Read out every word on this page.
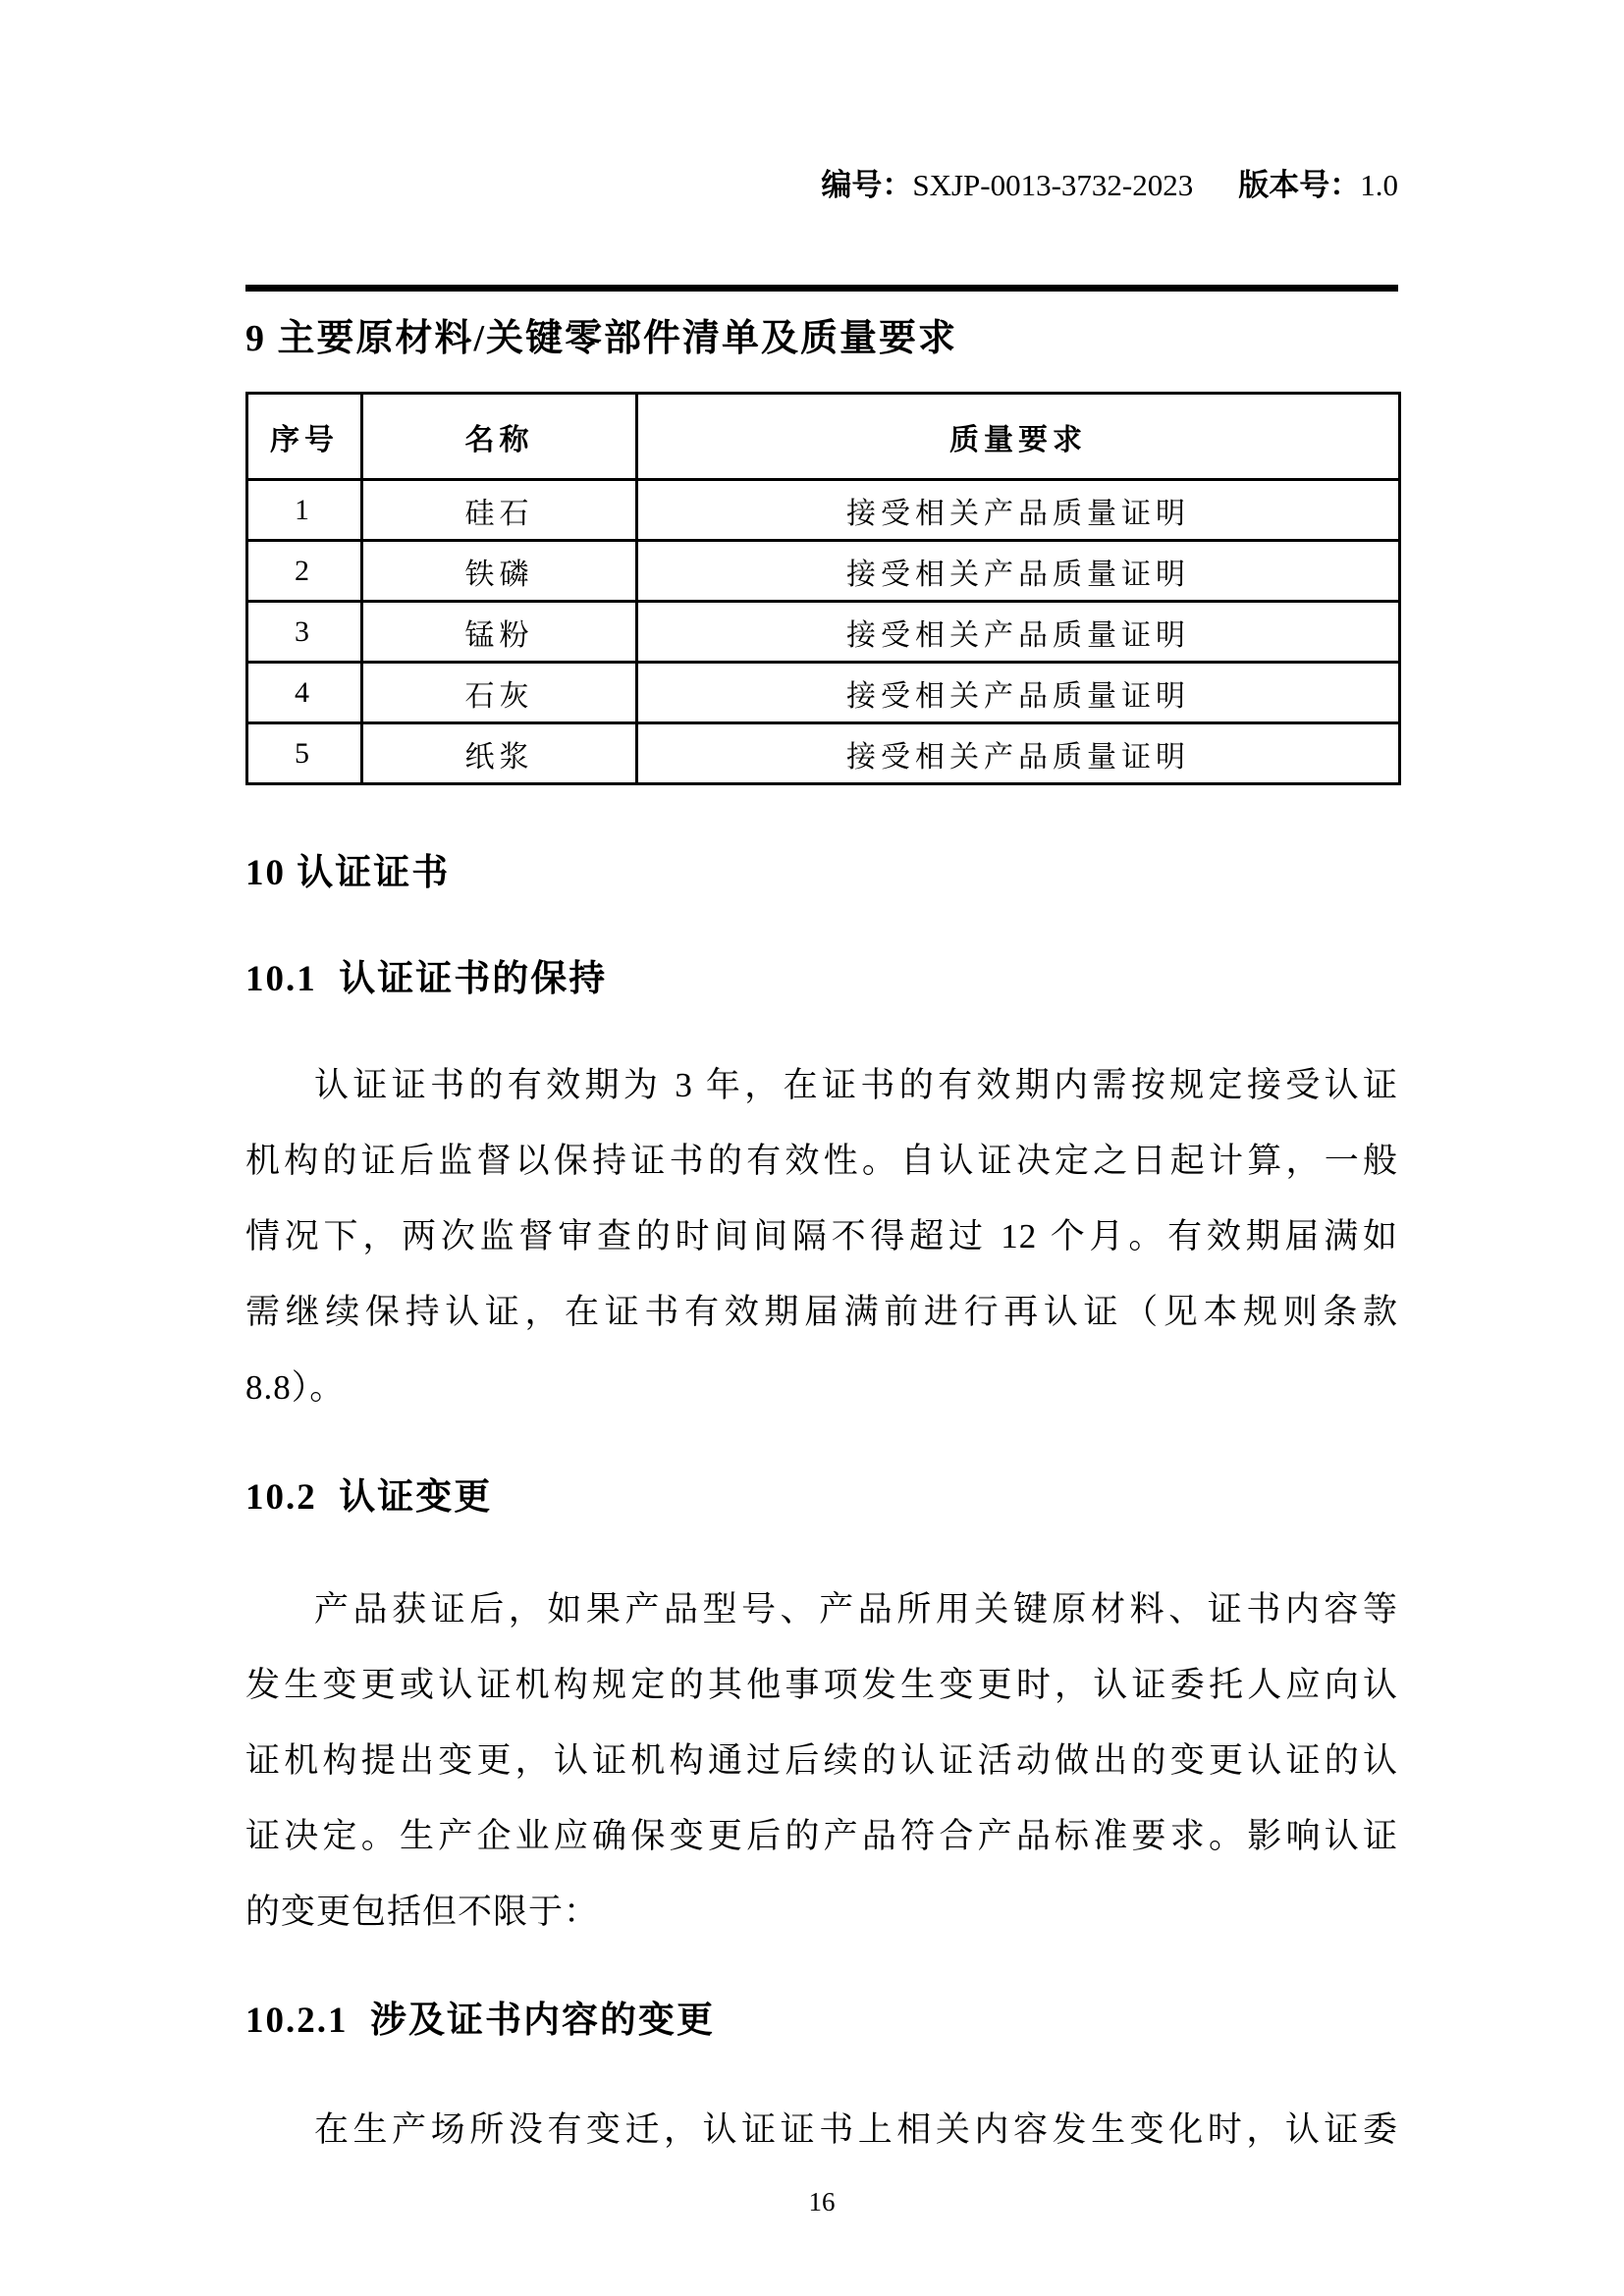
编号：SXJP-0013-3732-2023 版本号：1.0

9 主要原材料/关键零部件清单及质量要求
序号	名称	质量要求
1	硅石	接受相关产品质量证明
2	铁磷	接受相关产品质量证明
3	锰粉	接受相关产品质量证明
4	石灰	接受相关产品质量证明
5	纸浆	接受相关产品质量证明
10 认证证书
10.1  认证证书的保持
认证证书的有效期为 3 年，在证书的有效期内需按规定接受认证
机构的证后监督以保持证书的有效性。自认证决定之日起计算，一般
情况下，两次监督审查的时间间隔不得超过 12 个月。有效期届满如
需继续保持认证，在证书有效期届满前进行再认证（见本规则条款
8.8）。
10.2  认证变更
产品获证后，如果产品型号、产品所用关键原材料、证书内容等
发生变更或认证机构规定的其他事项发生变更时，认证委托人应向认
证机构提出变更，认证机构通过后续的认证活动做出的变更认证的认
证决定。生产企业应确保变更后的产品符合产品标准要求。影响认证
的变更包括但不限于：
10.2.1  涉及证书内容的变更
在生产场所没有变迁，认证证书上相关内容发生变化时，认证委
16
